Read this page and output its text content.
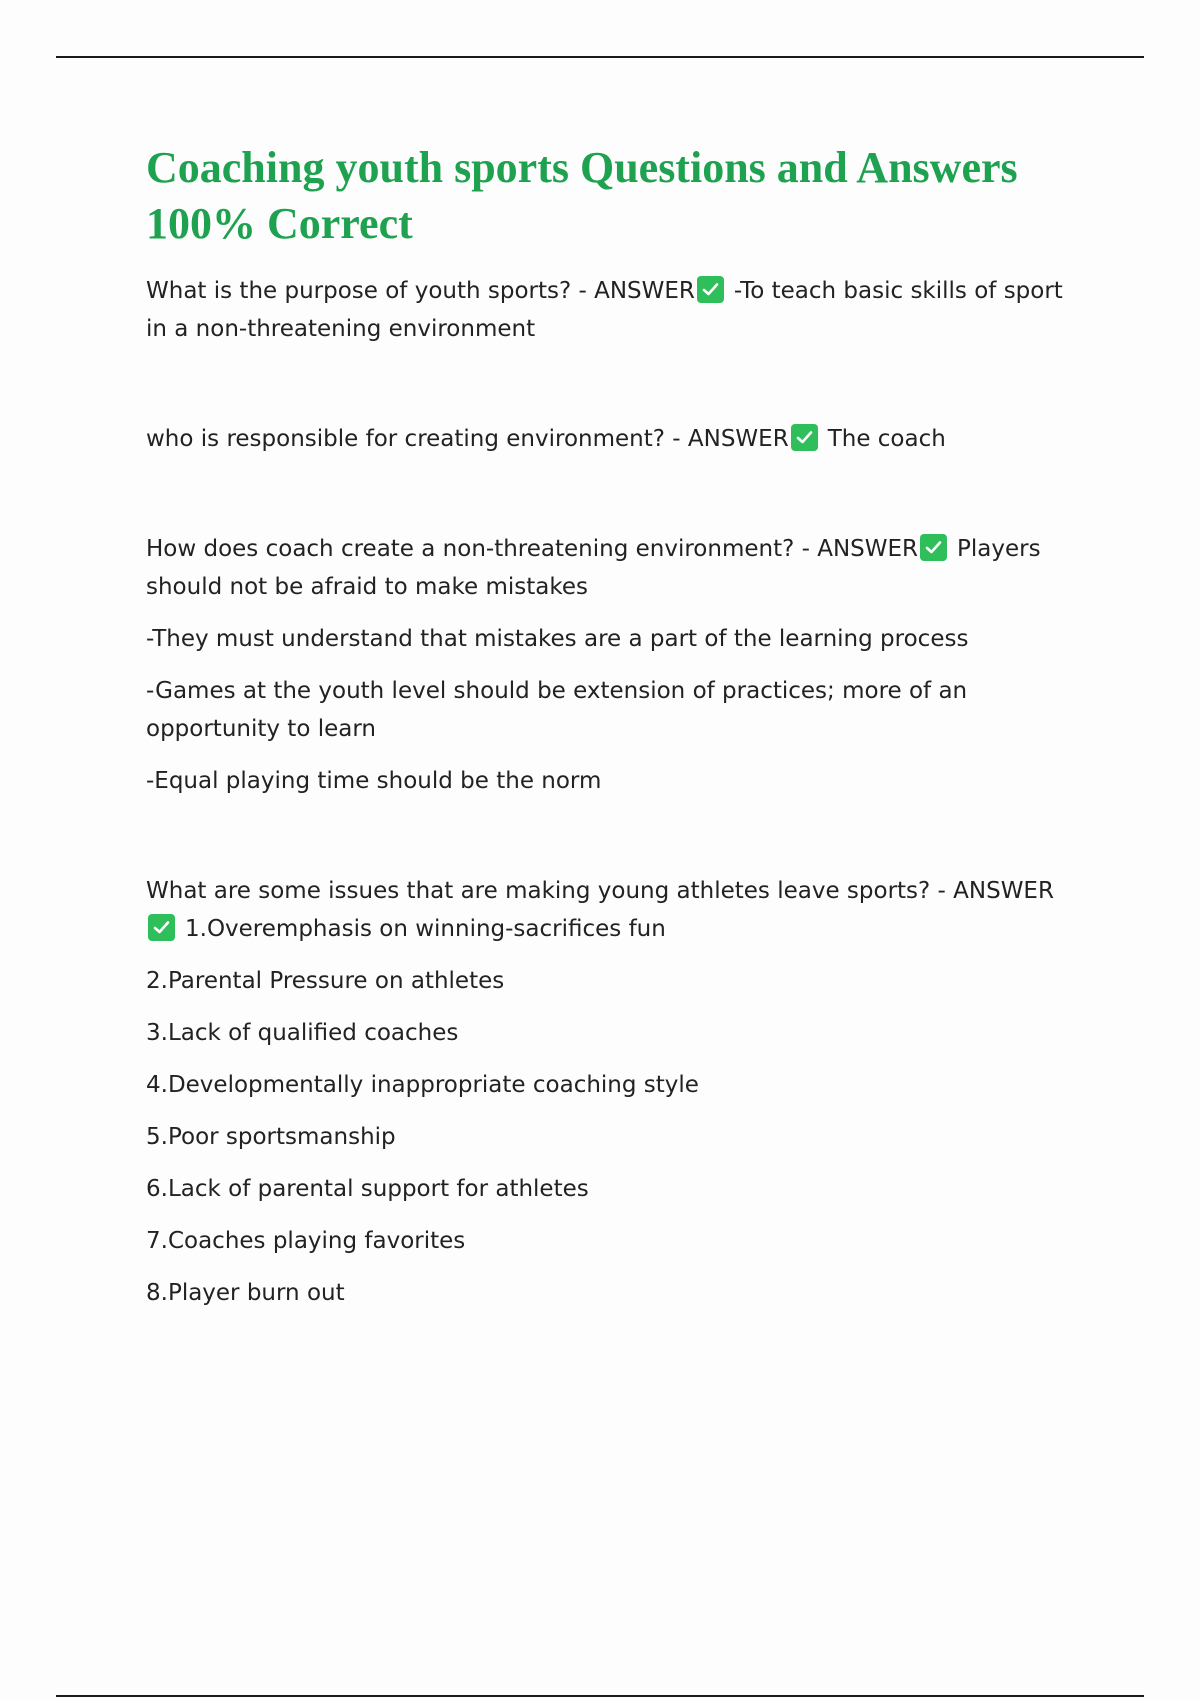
Coaching youth sports Questions and Answers 100% Correct

What is the purpose of youth sports? - ANSWER -To teach basic skills of sport in a non-threatening environment

who is responsible for creating environment? - ANSWER The coach

How does coach create a non-threatening environment? - ANSWER Players should not be afraid to make mistakes

-They must understand that mistakes are a part of the learning process

-Games at the youth level should be extension of practices; more of an opportunity to learn

-Equal playing time should be the norm

What are some issues that are making young athletes leave sports? - ANSWER
1.Overemphasis on winning-sacrifices fun

2.Parental Pressure on athletes

3.Lack of qualified coaches

4.Developmentally inappropriate coaching style

5.Poor sportsmanship

6.Lack of parental support for athletes

7.Coaches playing favorites

8.Player burn out
